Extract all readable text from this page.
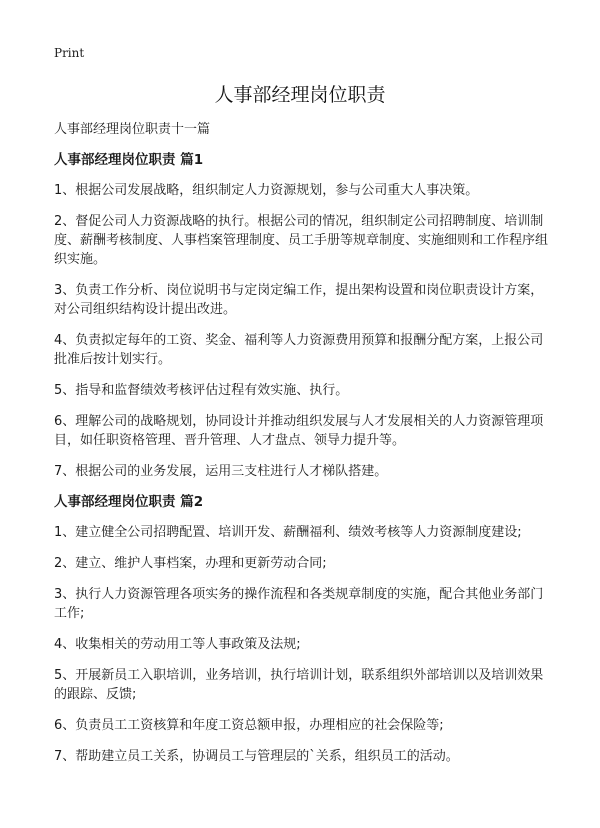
Print
人事部经理岗位职责

人事部经理岗位职责十一篇

人事部经理岗位职责 篇1

1、根据公司发展战略，组织制定人力资源规划，参与公司重大人事决策。

2、督促公司人力资源战略的执行。根据公司的情况，组织制定公司招聘制度、培训制度、薪酬考核制度、人事档案管理制度、员工手册等规章制度、实施细则和工作程序组织实施。

3、负责工作分析、岗位说明书与定岗定编工作，提出架构设置和岗位职责设计方案，对公司组织结构设计提出改进。

4、负责拟定每年的工资、奖金、福利等人力资源费用预算和报酬分配方案，上报公司批准后按计划实行。

5、指导和监督绩效考核评估过程有效实施、执行。

6、理解公司的战略规划，协同设计并推动组织发展与人才发展相关的人力资源管理项目，如任职资格管理、晋升管理、人才盘点、领导力提升等。

7、根据公司的业务发展，运用三支柱进行人才梯队搭建。

人事部经理岗位职责 篇2

1、建立健全公司招聘配置、培训开发、薪酬福利、绩效考核等人力资源制度建设;

2、建立、维护人事档案，办理和更新劳动合同;

3、执行人力资源管理各项实务的操作流程和各类规章制度的实施，配合其他业务部门工作;

4、收集相关的劳动用工等人事政策及法规;

5、开展新员工入职培训，业务培训，执行培训计划，联系组织外部培训以及培训效果的跟踪、反馈;

6、负责员工工资核算和年度工资总额申报，办理相应的社会保险等;

7、帮助建立员工关系，协调员工与管理层的`关系，组织员工的活动。
